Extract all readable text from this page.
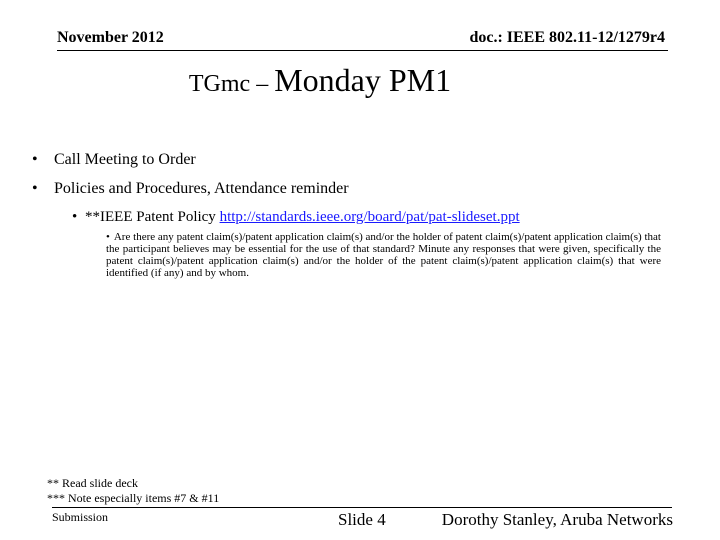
November 2012	doc.: IEEE 802.11-12/1279r4
TGmc – Monday PM1
•	Call Meeting to Order
•	Policies and Procedures, Attendance reminder
• **IEEE Patent Policy http://standards.ieee.org/board/pat/pat-slideset.ppt
• Are there any patent claim(s)/patent application claim(s) and/or the holder of patent claim(s)/patent application claim(s) that the participant believes may be essential for the use of that standard? Minute any responses that were given, specifically the patent claim(s)/patent application claim(s) and/or the holder of the patent claim(s)/patent application claim(s) that were identified (if any) and by whom.
** Read slide deck
*** Note especially items #7 & #11
Submission	Slide 4	Dorothy Stanley, Aruba Networks
